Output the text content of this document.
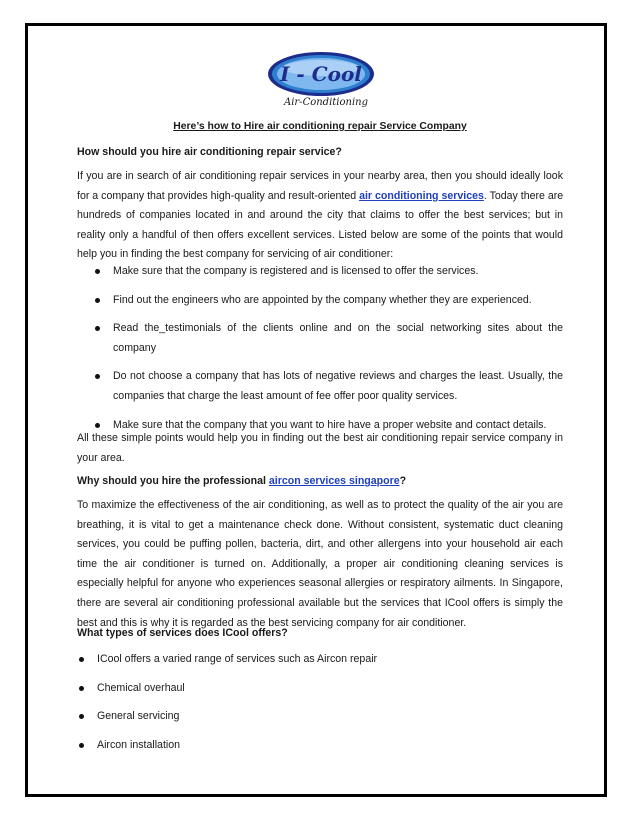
I - Cool
Air-Conditioning
Here’s how to Hire air conditioning repair Service Company
How should you hire air conditioning repair service?
If you are in search of air conditioning repair services in your nearby area, then you should ideally look
for a company that provides high-quality and result-oriented air conditioning services. Today there are
hundreds of companies located in and around the city that claims to offer the best services; but in
reality only a handful of then offers excellent services. Listed below are some of the points that would
help you in finding the best company for servicing of air conditioner:
Make sure that the company is registered and is licensed to offer the services.
Find out the engineers who are appointed by the company whether they are experienced.
Read the_testimonials of the clients online and on the social networking sites about the
company
Do not choose a company that has lots of negative reviews and charges the least. Usually, the
companies that charge the least amount of fee offer poor quality services.
Make sure that the company that you want to hire have a proper website and contact details.
All these simple points would help you in finding out the best air conditioning repair service company in
your area.
Why should you hire the professional aircon services singapore?
To maximize the effectiveness of the air conditioning, as well as to protect the quality of the air you are
breathing, it is vital to get a maintenance check done. Without consistent, systematic duct cleaning
services, you could be puffing pollen, bacteria, dirt, and other allergens into your household air each
time the air conditioner is turned on. Additionally, a proper air conditioning cleaning services is
especially helpful for anyone who experiences seasonal allergies or respiratory ailments. In Singapore,
there are several air conditioning professional available but the services that ICool offers is simply the
best and this is why it is regarded as the best servicing company for air conditioner.
What types of services does ICool offers?
ICool offers a varied range of services such as Aircon repair
Chemical overhaul
General servicing
Aircon installation
